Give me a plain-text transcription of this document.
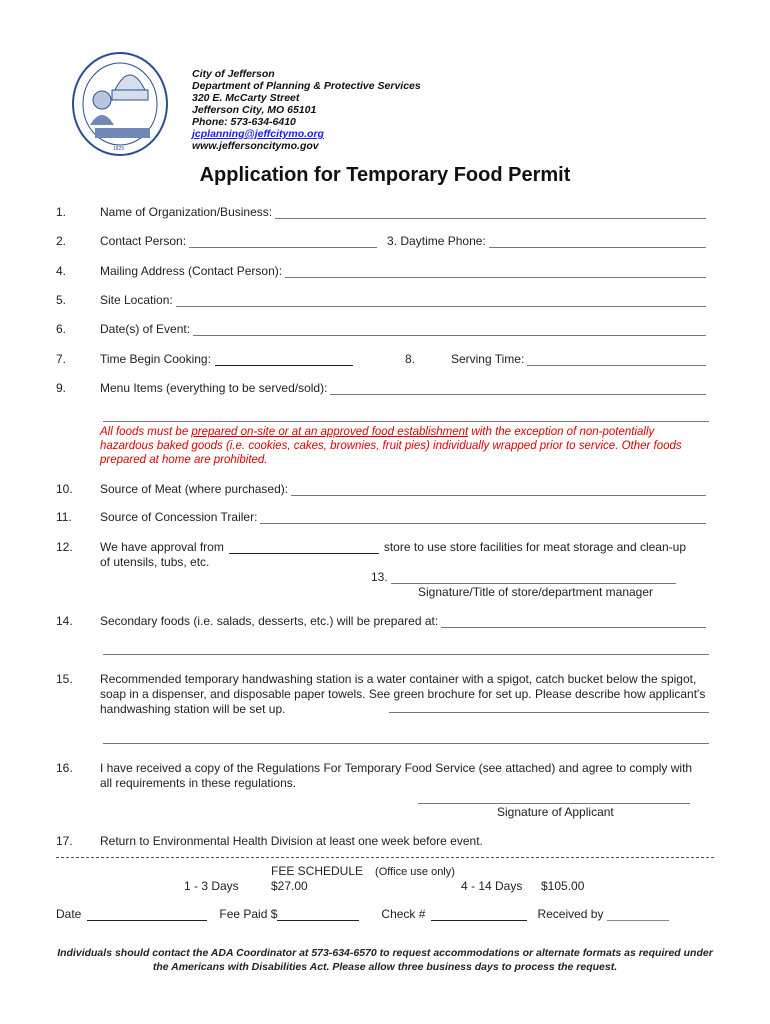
1825
City of Jefferson
Department of Planning & Protective Services
320 E. McCarty Street
Jefferson City, MO 65101
Phone: 573-634-6410
jcplanning@jeffcitymo.org
www.jeffersoncitymo.gov
Application for Temporary Food Permit
1.	Name of Organization/Business:
2.	Contact Person:	3. Daytime Phone:
4.	Mailing Address (Contact Person):
5.	Site Location:
6.	Date(s) of Event:
7.	Time Begin Cooking:	8.	Serving Time:
9.	Menu Items (everything to be served/sold):
All foods must be prepared on-site or at an approved food establishment with the exception of non-potentially hazardous baked goods (i.e. cookies, cakes, brownies, fruit pies) individually wrapped prior to service. Other foods prepared at home are prohibited.
10.	Source of Meat (where purchased):
11.	Source of Concession Trailer:
12.	We have approval from	store to use store facilities for meat storage and clean-up
of utensils, tubs, etc.
13.
Signature/Title of store/department manager
14.	Secondary foods (i.e. salads, desserts, etc.) will be prepared at:
15. Recommended temporary handwashing station is a water container with a spigot, catch bucket below the spigot, soap in a dispenser, and disposable paper towels. See green brochure for set up. Please describe how applicant's handwashing station will be set up.
16. I have received a copy of the Regulations For Temporary Food Service (see attached) and agree to comply with all requirements in these regulations.
Signature of Applicant
17. Return to Environmental Health Division at least one week before event.
FEE SCHEDULE (Office use only)
1 - 3 Days	$27.00	4 - 14 Days $105.00
Date	Fee Paid $	Check #	Received by
Individuals should contact the ADA Coordinator at 573-634-6570 to request accommodations or alternate formats as required under the Americans with Disabilities Act. Please allow three business days to process the request.
